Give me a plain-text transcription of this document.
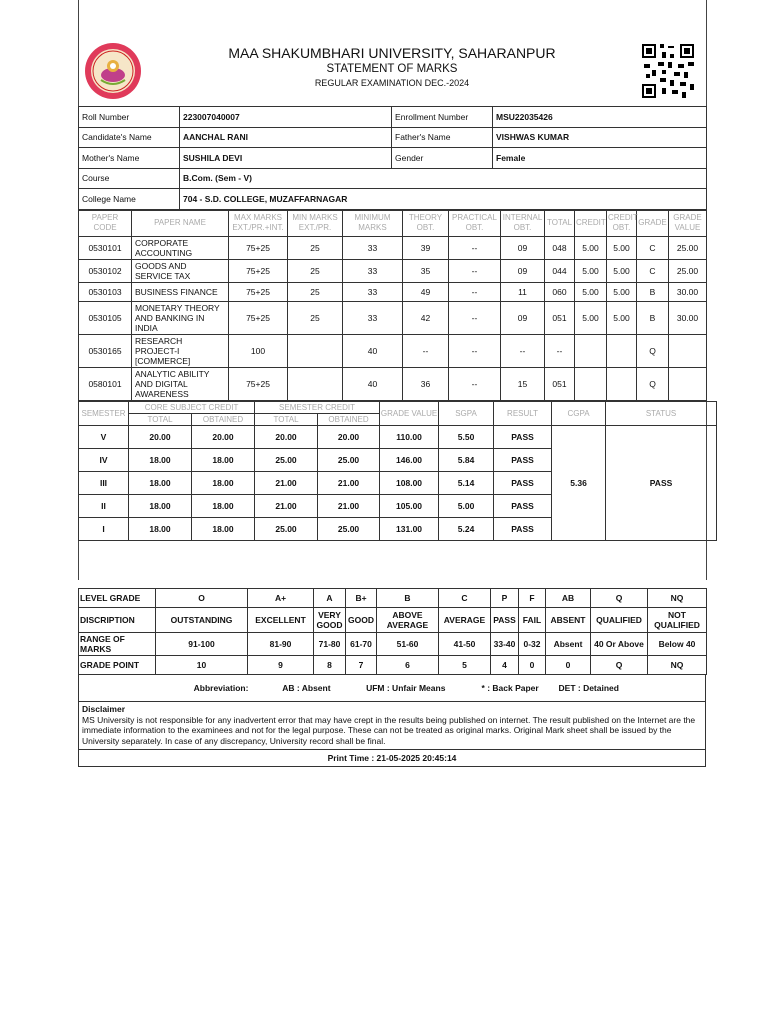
MAA SHAKUMBHARI UNIVERSITY, SAHARANPUR
STATEMENT OF MARKS
REGULAR EXAMINATION DEC.-2024
Roll Number	223007040007	Enrollment Number	MSU22035426
Candidate's Name	AANCHAL RANI	Father's Name	VISHWAS KUMAR
Mother's Name	SUSHILA DEVI	Gender	Female
Course	B.Com. (Sem - V)		
College Name	704 - S.D. COLLEGE, MUZAFFARNAGAR		
PAPER CODE	PAPER NAME	MAX MARKS EXT./PR.+INT.	MIN MARKS EXT./PR.	MINIMUM MARKS	THEORY OBT.	PRACTICAL OBT.	INTERNAL OBT.	TOTAL	CREDIT	CREDIT OBT.	GRADE	GRADE VALUE
0530101	CORPORATE ACCOUNTING	75+25	25	33	39	--	09	048	5.00	5.00	C	25.00
0530102	GOODS AND SERVICE TAX	75+25	25	33	35	--	09	044	5.00	5.00	C	25.00
0530103	BUSINESS FINANCE	75+25	25	33	49	--	11	060	5.00	5.00	B	30.00
0530105	MONETARY THEORY AND BANKING IN INDIA	75+25	25	33	42	--	09	051	5.00	5.00	B	30.00
0530165	RESEARCH PROJECT-I [COMMERCE]	100		40	--	--	--	--			Q	
0580101	ANALYTIC ABILITY AND DIGITAL AWARENESS	75+25		40	36	--	15	051			Q	
SEMESTER	CORE SUBJECT CREDIT		SEMESTER CREDIT		GRADE VALUE	SGPA	RESULT	CGPA	STATUS
	TOTAL	OBTAINED	TOTAL	OBTAINED					
V	20.00	20.00	20.00	20.00	110.00	5.50	PASS	5.36	PASS
IV	18.00	18.00	25.00	25.00	146.00	5.84	PASS		
III	18.00	18.00	21.00	21.00	108.00	5.14	PASS		
II	18.00	18.00	21.00	21.00	105.00	5.00	PASS		
I	18.00	18.00	25.00	25.00	131.00	5.24	PASS		
LEVEL GRADE	O	A+	A	B+	B	C	P	F	AB	Q	NQ
DISCRIPTION	OUTSTANDING	EXCELLENT	VERY GOOD	GOOD	ABOVE AVERAGE	AVERAGE	PASS	FAIL	ABSENT	QUALIFIED	NOT QUALIFIED
RANGE OF MARKS	91-100	81-90	71-80	61-70	51-60	41-50	33-40	0-32	Absent	40 Or Above	Below 40
GRADE POINT	10	9	8	7	6	5	4	0	0	Q	NQ
Abbreviation:	AB : Absent	UFM : Unfair Means	* : Back Paper DET : Detained
Disclaimer
MS University is not responsible for any inadvertent error that may have crept in the results being published on internet. The result published on the Internet are the immediate information to the examinees and not for the legal purpose. These can not be treated as original marks. Original Mark sheet shall be issued by the University separately. In case of any discrepancy, University record shall be final.
Print Time : 21-05-2025 20:45:14
